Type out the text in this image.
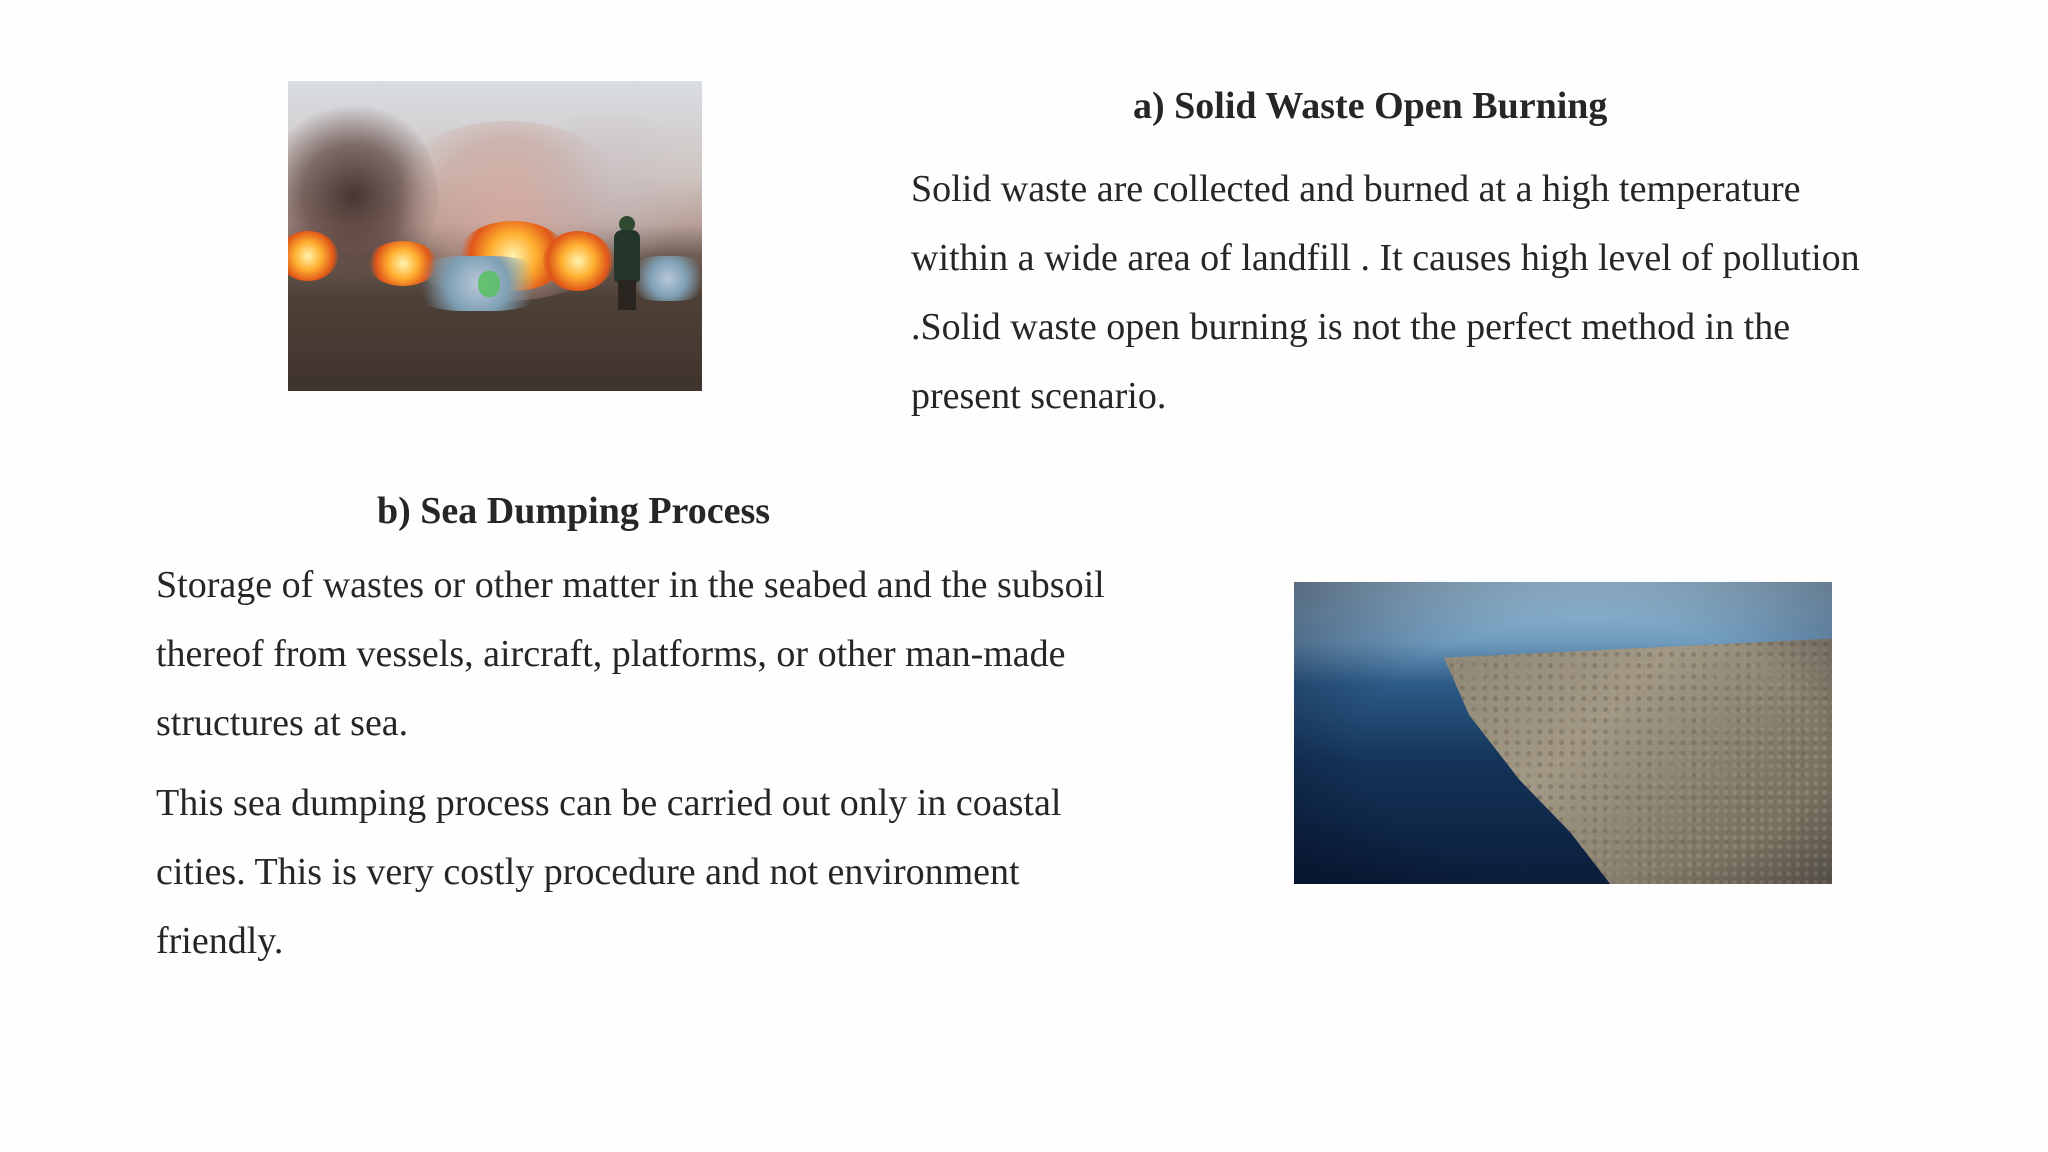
a) Solid Waste Open Burning

Solid waste are collected and burned at a high temperature
within a wide area of landfill . It causes high level of pollution
.Solid waste open burning is not the perfect method in the
present scenario.

b) Sea Dumping Process

Storage of wastes or other matter in the seabed and the subsoil
thereof from vessels, aircraft, platforms, or other man-made
structures at sea.

This sea dumping process can be carried out only in coastal
cities. This is very costly procedure and not environment
friendly.
